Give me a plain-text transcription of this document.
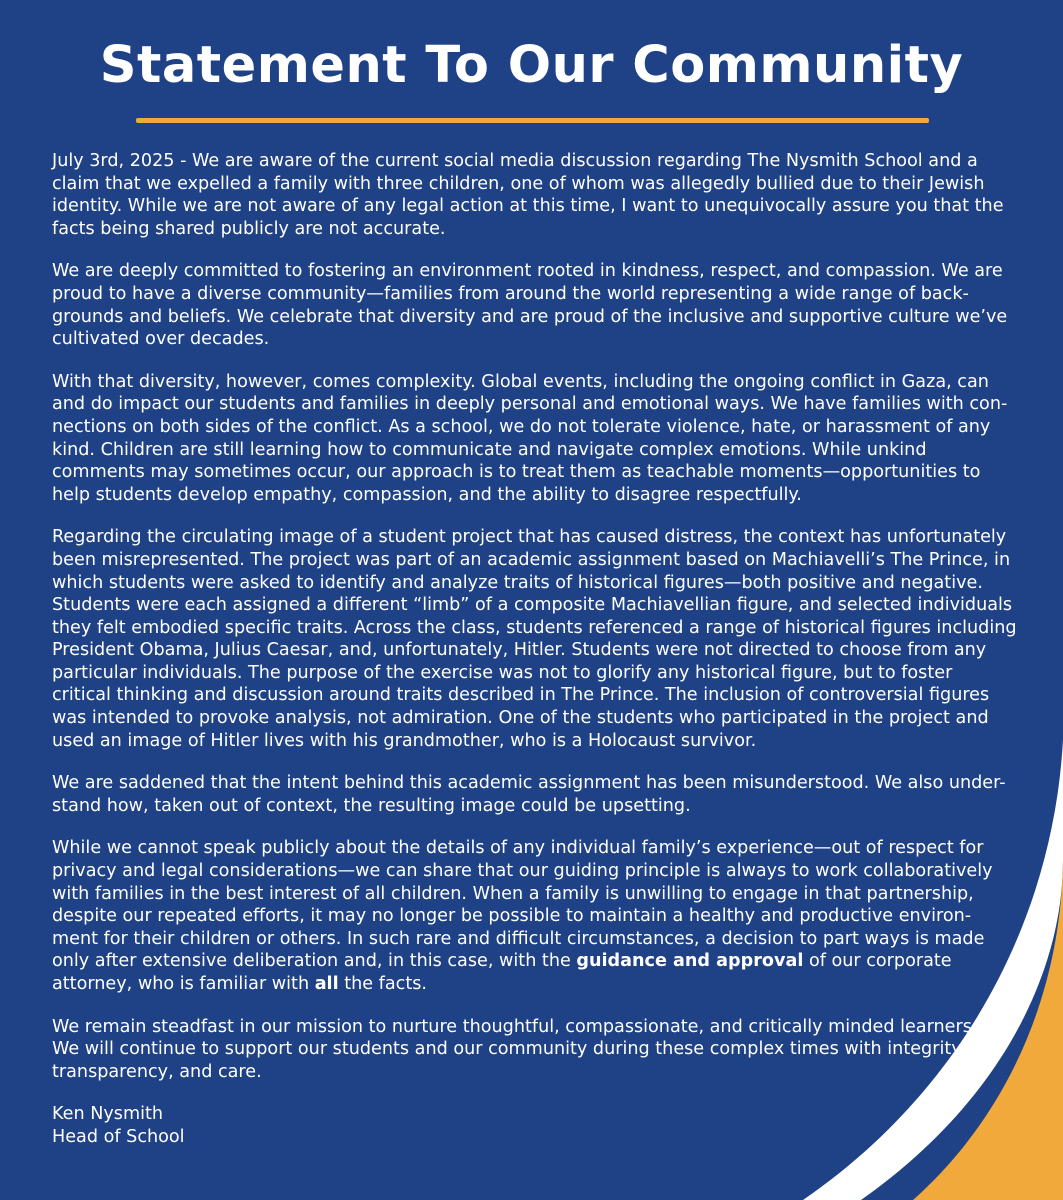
Statement To Our Community

July 3rd, 2025 - We are aware of the current social media discussion regarding The Nysmith School and a
claim that we expelled a family with three children, one of whom was allegedly bullied due to their Jewish
identity. While we are not aware of any legal action at this time, I want to unequivocally assure you that the
facts being shared publicly are not accurate.

We are deeply committed to fostering an environment rooted in kindness, respect, and compassion. We are
proud to have a diverse community—families from around the world representing a wide range of back-
grounds and beliefs. We celebrate that diversity and are proud of the inclusive and supportive culture we’ve
cultivated over decades.

With that diversity, however, comes complexity. Global events, including the ongoing conflict in Gaza, can
and do impact our students and families in deeply personal and emotional ways. We have families with con-
nections on both sides of the conflict. As a school, we do not tolerate violence, hate, or harassment of any
kind. Children are still learning how to communicate and navigate complex emotions. While unkind
comments may sometimes occur, our approach is to treat them as teachable moments—opportunities to
help students develop empathy, compassion, and the ability to disagree respectfully.

Regarding the circulating image of a student project that has caused distress, the context has unfortunately
been misrepresented. The project was part of an academic assignment based on Machiavelli’s The Prince, in
which students were asked to identify and analyze traits of historical figures—both positive and negative.
Students were each assigned a different “limb” of a composite Machiavellian figure, and selected individuals
they felt embodied specific traits. Across the class, students referenced a range of historical figures including
President Obama, Julius Caesar, and, unfortunately, Hitler. Students were not directed to choose from any
particular individuals. The purpose of the exercise was not to glorify any historical figure, but to foster
critical thinking and discussion around traits described in The Prince. The inclusion of controversial figures
was intended to provoke analysis, not admiration. One of the students who participated in the project and
used an image of Hitler lives with his grandmother, who is a Holocaust survivor.

We are saddened that the intent behind this academic assignment has been misunderstood. We also under-
stand how, taken out of context, the resulting image could be upsetting.

While we cannot speak publicly about the details of any individual family’s experience—out of respect for
privacy and legal considerations—we can share that our guiding principle is always to work collaboratively
with families in the best interest of all children. When a family is unwilling to engage in that partnership,
despite our repeated efforts, it may no longer be possible to maintain a healthy and productive environ-
ment for their children or others. In such rare and difficult circumstances, a decision to part ways is made
only after extensive deliberation and, in this case, with the guidance and approval of our corporate
attorney, who is familiar with all the facts.

We remain steadfast in our mission to nurture thoughtful, compassionate, and critically minded learners.
We will continue to support our students and our community during these complex times with integrity,
transparency, and care.

Ken Nysmith
Head of School
